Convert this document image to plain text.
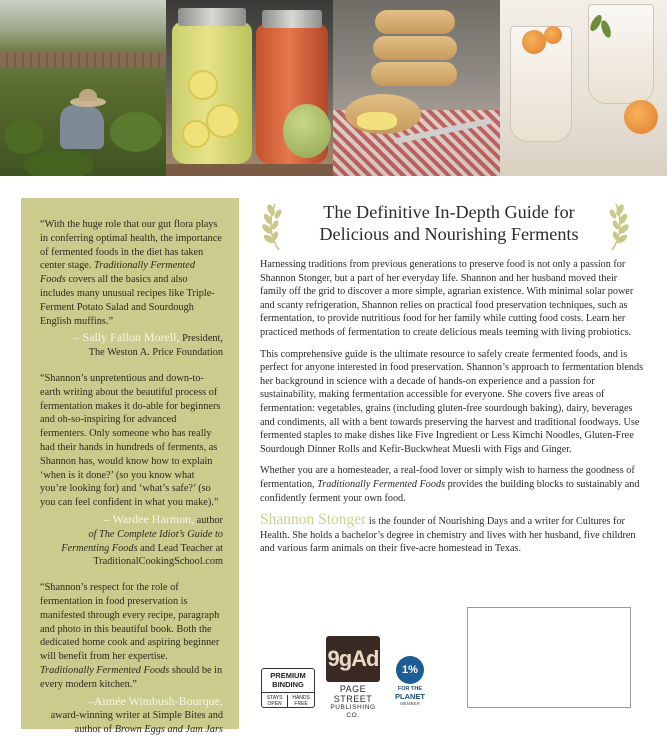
“With the huge role that our gut flora plays in conferring optimal health, the importance of fermented foods in the diet has taken center stage. Traditionally Fermented Foods covers all the basics and also includes many unusual recipes like Triple-Ferment Potato Salad and Sourdough English muffins.”
– Sally Fallon Morell, President,
The Weston A. Price Foundation
“Shannon’s unpretentious and down-to-earth writing about the beautiful process of fermentation makes it do-able for beginners and oh-so-inspiring for advanced fermenters. Only someone who has really had their hands in hundreds of ferments, as Shannon has, would know how to explain ‘when is it done?’ (so you know what you’re looking for) and ‘what’s safe?’ (so you can feel confident in what you make).”
– Wardee Harmon, author
of The Complete Idiot’s Guide to Fermenting Foods and Lead Teacher at
TraditionalCookingSchool.com
“Shannon’s respect for the role of fermentation in food preservation is manifested through every recipe, paragraph and photo in this beautiful book. Both the dedicated home cook and aspiring beginner will benefit from her expertise. Traditionally Fermented Foods should be in every modern kitchen.”
–Aimée Wimbush-Bourque,
award-winning writer at Simple Bites and
author of Brown Eggs and Jam Jars
The Definitive In-Depth Guide for
Delicious and Nourishing Ferments

Harnessing traditions from previous generations to preserve food is not only a passion for Shannon Stonger, but a part of her everyday life. Shannon and her husband moved their family off the grid to discover a more simple, agrarian existence. With minimal solar power and scanty refrigeration, Shannon relies on practical food preservation techniques, such as fermentation, to provide nutritious food for her family while cutting food costs. Learn her practiced methods of fermentation to create delicious meals teeming with living probiotics.

This comprehensive guide is the ultimate resource to safely create fermented foods, and is perfect for anyone interested in food preservation. Shannon’s approach to fermentation blends her background in science with a decade of hands-on experience and a passion for sustainability, making fermentation accessible for everyone. She covers five areas of fermentation: vegetables, grains (including gluten-free sourdough baking), dairy, beverages and condiments, all with a bent towards preserving the harvest and traditional foodways. Use fermented staples to make dishes like Five Ingredient or Less Kimchi Noodles, Gluten-Free Sourdough Dinner Rolls and Kefir-Buckwheat Muesli with Figs and Ginger.

Whether you are a homesteader, a real-food lover or simply wish to harness the goodness of fermentation, Traditionally Fermented Foods provides the building blocks to sustainably and confidently ferment your own food.

Shannon Stonger is the founder of Nourishing Days and a writer for Cultures for Health. She holds a bachelor’s degree in chemistry and lives with her husband, five children and various farm animals on their five-acre homestead in Texas.

PREMIUM
BINDING
STAYS OPEN
HANDS FREE
9gAd
PAGE STREET
PUBLISHING CO.
1%
FOR THE
PLANET
MEMBER
